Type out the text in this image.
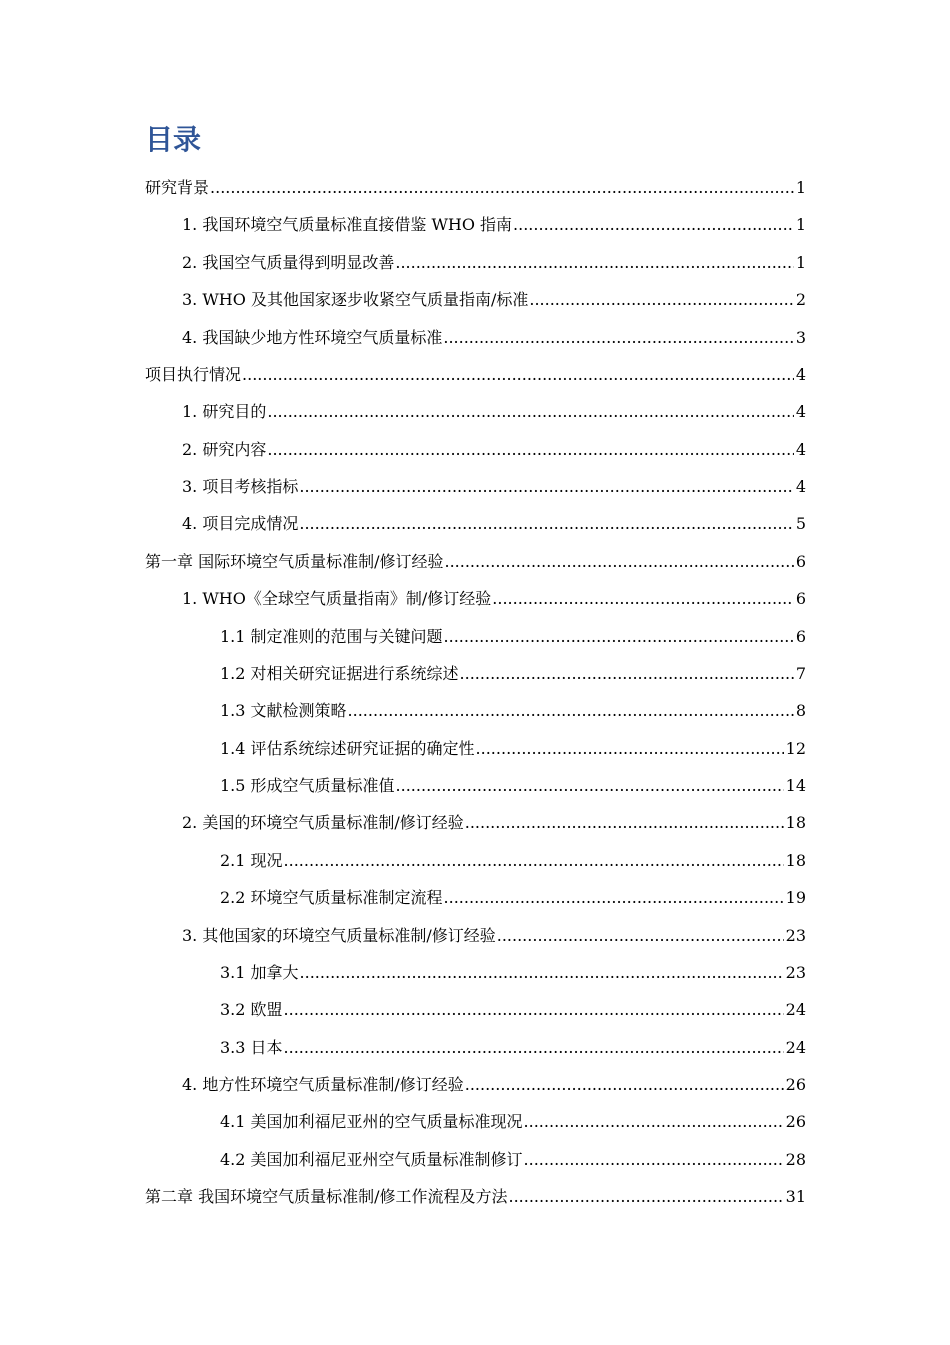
目录
研究背景 .....	1
1. 我国环境空气质量标准直接借鉴 WHO 指南 .....	1
2. 我国空气质量得到明显改善 .....	1
3. WHO 及其他国家逐步收紧空气质量指南/标准 .....	2
4. 我国缺少地方性环境空气质量标准 .....	3
项目执行情况 .....	4
1. 研究目的 .....	4
2. 研究内容 .....	4
3. 项目考核指标 .....	4
4. 项目完成情况 .....	5
第一章 国际环境空气质量标准制/修订经验 .....	6
1. WHO《全球空气质量指南》制/修订经验 .....	6
1.1 制定准则的范围与关键问题 .....	6
1.2 对相关研究证据进行系统综述 .....	7
1.3 文献检测策略 .....	8
1.4 评估系统综述研究证据的确定性 .....	12
1.5 形成空气质量标准值 .....	14
2. 美国的环境空气质量标准制/修订经验 .....	18
2.1 现况 .....	18
2.2 环境空气质量标准制定流程 .....	19
3. 其他国家的环境空气质量标准制/修订经验 .....	23
3.1 加拿大 .....	23
3.2 欧盟 .....	24
3.3 日本 .....	24
4. 地方性环境空气质量标准制/修订经验 .....	26
4.1 美国加利福尼亚州的空气质量标准现况 .....	26
4.2 美国加利福尼亚州空气质量标准制修订 .....	28
第二章 我国环境空气质量标准制/修工作流程及方法 .....	31
